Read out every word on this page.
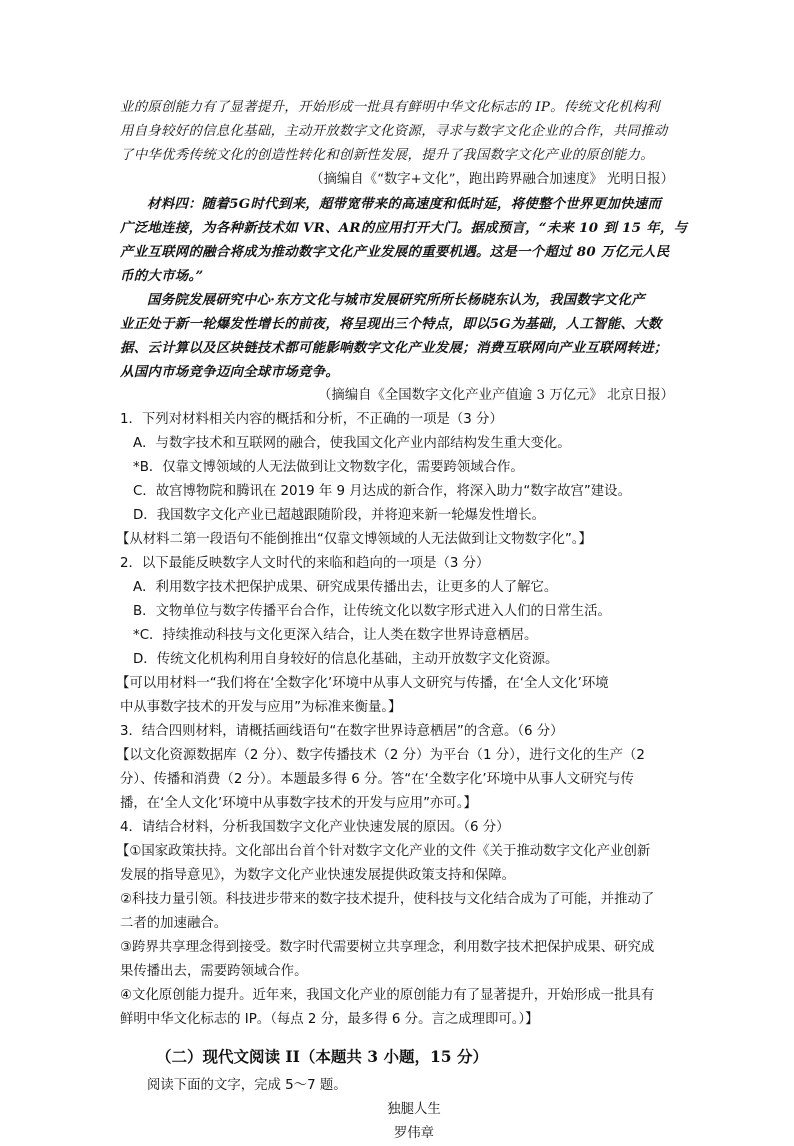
业的原创能力有了显著提升，开始形成一批具有鲜明中华文化标志的 IP。传统文化机构利

用自身较好的信息化基础，主动开放数字文化资源，寻求与数字文化企业的合作，共同推动

了中华优秀传统文化的创造性转化和创新性发展，提升了我国数字文化产业的原创能力。

（摘编自《“数字+文化”，跑出跨界融合加速度》 光明日报）

材料四：随着5G时代到来，超带宽带来的高速度和低时延，将使整个世界更加快速而

广泛地连接，为各种新技术如 VR、AR的应用打开大门。据成预言，“未来 10 到 15 年，与

产业互联网的融合将成为推动数字文化产业发展的重要机遇。这是一个超过 80 万亿元人民

币的大市场。”

国务院发展研究中心·东方文化与城市发展研究所所长杨晓东认为，我国数字文化产

业正处于新一轮爆发性增长的前夜，将呈现出三个特点，即以5G为基础，人工智能、大数

据、云计算以及区块链技术都可能影响数字文化产业发展；消费互联网向产业互联网转进；

从国内市场竞争迈向全球市场竞争。

（摘编自《全国数字文化产业产值逾 3 万亿元》 北京日报）

1．下列对材料相关内容的概括和分析，不正确的一项是（3 分）

A．与数字技术和互联网的融合，使我国文化产业内部结构发生重大变化。

*B．仅靠文博领域的人无法做到让文物数字化，需要跨领域合作。

C．故宫博物院和腾讯在 2019 年 9 月达成的新合作，将深入助力“数字故宫”建设。

D．我国数字文化产业已超越跟随阶段，并将迎来新一轮爆发性增长。

【从材料二第一段语句不能倒推出“仅靠文博领域的人无法做到让文物数字化”。】

2．以下最能反映数字人文时代的来临和趋向的一项是（3 分）

A．利用数字技术把保护成果、研究成果传播出去，让更多的人了解它。

B．文物单位与数字传播平台合作，让传统文化以数字形式进入人们的日常生活。

*C．持续推动科技与文化更深入结合，让人类在数字世界诗意栖居。

D．传统文化机构利用自身较好的信息化基础，主动开放数字文化资源。

【可以用材料一“我们将在‘全数字化’环境中从事人文研究与传播，在‘全人文化’环境

中从事数字技术的开发与应用”为标准来衡量。】

3．结合四则材料，请概括画线语句“在数字世界诗意栖居”的含意。（6 分）

【以文化资源数据库（2 分）、数字传播技术（2 分）为平台（1 分），进行文化的生产（2

分）、传播和消费（2 分）。本题最多得 6 分。答“在‘全数字化’环境中从事人文研究与传

播，在‘全人文化’环境中从事数字技术的开发与应用”亦可。】

4．请结合材料，分析我国数字文化产业快速发展的原因。（6 分）

【①国家政策扶持。文化部出台首个针对数字文化产业的文件《关于推动数字文化产业创新

发展的指导意见》，为数字文化产业快速发展提供政策支持和保障。

②科技力量引领。科技进步带来的数字技术提升，使科技与文化结合成为了可能，并推动了

二者的加速融合。

③跨界共享理念得到接受。数字时代需要树立共享理念，利用数字技术把保护成果、研究成

果传播出去，需要跨领域合作。

④文化原创能力提升。近年来，我国文化产业的原创能力有了显著提升，开始形成一批具有

鲜明中华文化标志的 IP。（每点 2 分，最多得 6 分。言之成理即可。）】

（二）现代文阅读 II（本题共 3 小题，15 分）

阅读下面的文字，完成 5～7 题。

独腿人生

罗伟章
